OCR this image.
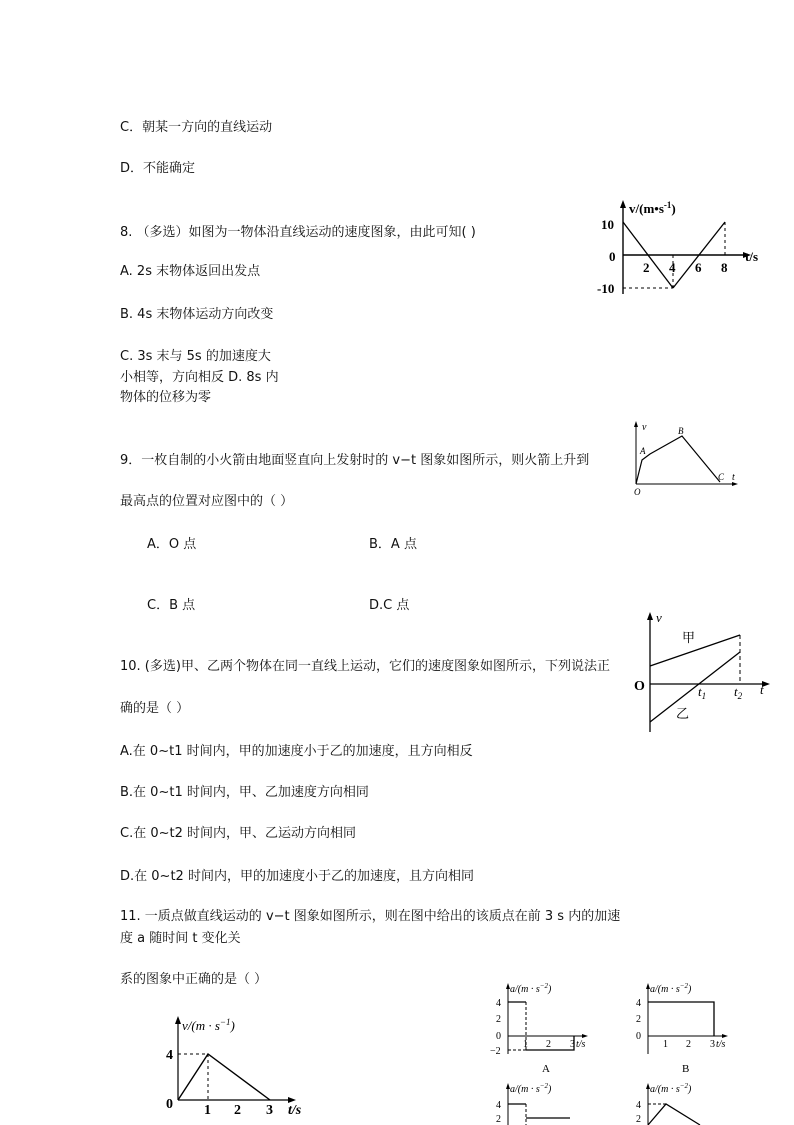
C．朝某一方向的直线运动
D．不能确定
8. （多选）如图为一物体沿直线运动的速度图象，由此可知( )
A. 2s 末物体返回出发点
B. 4s 末物体运动方向改变
C. 3s 末与 5s 的加速度大
小相等，方向相反 D. 8s 内
物体的位移为零
$v/(m•s^{-1})$
t/s
10
0
-10
2 4 6 8
9．一枚自制的小火箭由地面竖直向上发射时的 v−t 图象如图所示，则火箭上升到
最高点的位置对应图中的（ ）
A．O 点	B．A 点
C．B 点	D.C 点
v
A
B
C
O
t
10. (多选)甲、乙两个物体在同一直线上运动，它们的速度图象如图所示，下列说法正
确的是（ ）
A.在 0~t1 时间内，甲的加速度小于乙的加速度，且方向相反
B.在 0~t1 时间内，甲、乙加速度方向相同
C.在 0~t2 时间内，甲、乙运动方向相同
D.在 0~t2 时间内，甲的加速度小于乙的加速度，且方向相同
v
甲
乙
O	$t_1$ $t_2$ t
11. 一质点做直线运动的 v−t 图象如图所示，则在图中给出的该质点在前 3 s 内的加速
度 a 随时间 t 变化关
系的图象中正确的是（ ）
$v/(m \cdot s^{-1})$
4
0 1 2 3 t/s
$a/(m \cdot s^{-2})$
4
2
0
−2
1 2 3 t/s
A
$a/(m \cdot s^{-2})$
4
2
0
1 2 3 t/s
B
$a/(m \cdot s^{-2})$
4
2
$a/(m \cdot s^{-2})$
4
2
